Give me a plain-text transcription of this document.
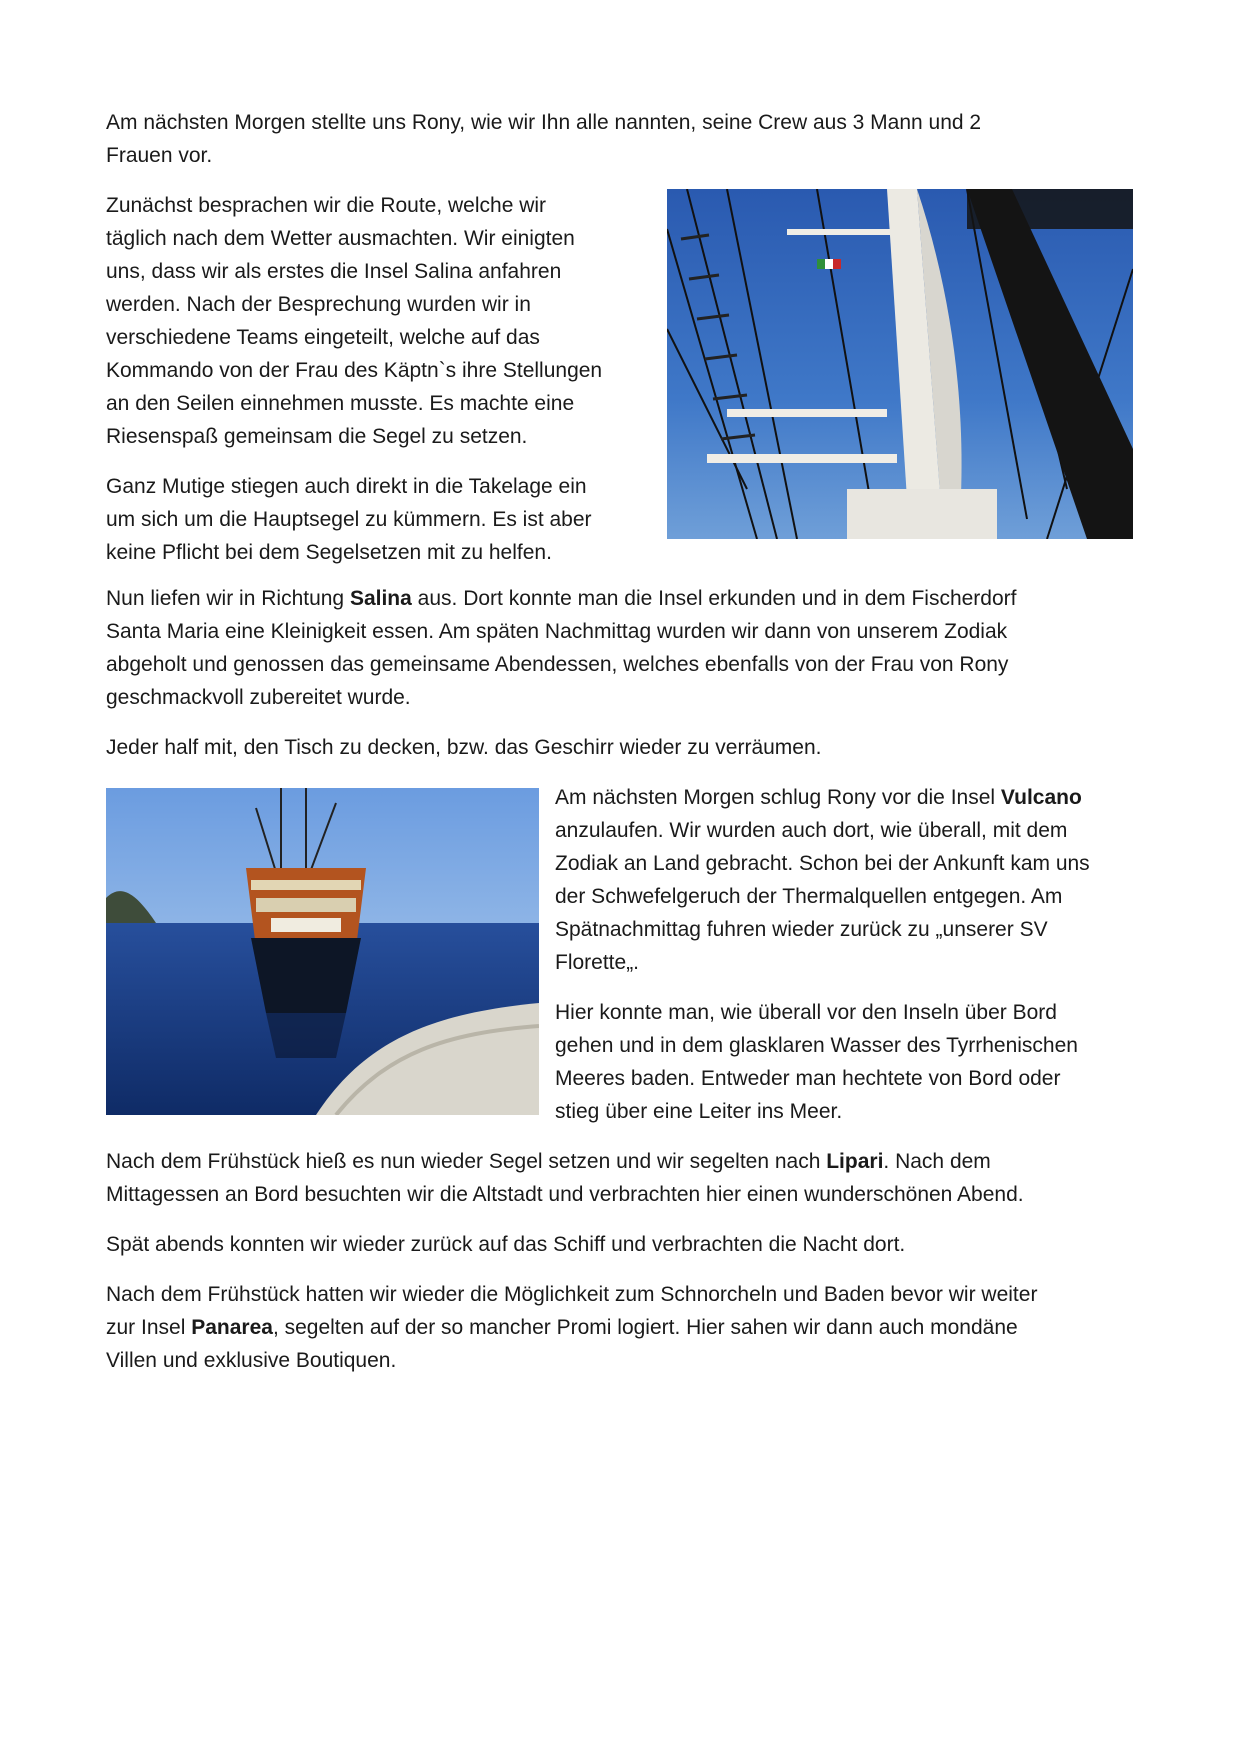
Am nächsten Morgen stellte uns Rony, wie wir Ihn alle nannten, seine Crew aus 3 Mann und 2
Frauen vor.
Zunächst besprachen wir die Route, welche wir
täglich nach dem Wetter ausmachten. Wir einigten
uns, dass wir als erstes die Insel Salina anfahren
werden. Nach der Besprechung wurden wir in
verschiedene Teams eingeteilt, welche auf das
Kommando von der Frau des Käptn`s ihre Stellungen
an den Seilen einnehmen musste. Es machte eine
Riesenspaß gemeinsam die Segel zu setzen.
Ganz Mutige stiegen auch direkt in die Takelage ein
um sich um die Hauptsegel zu kümmern. Es ist aber
keine Pflicht bei dem Segelsetzen mit zu helfen.
Nun liefen wir in Richtung Salina aus. Dort konnte man die Insel erkunden und in dem Fischerdorf
Santa Maria eine Kleinigkeit essen. Am späten Nachmittag wurden wir dann von unserem Zodiak
abgeholt und genossen das gemeinsame Abendessen, welches ebenfalls von der Frau von Rony
geschmackvoll zubereitet wurde.
Jeder half mit, den Tisch zu decken, bzw. das Geschirr wieder zu verräumen.
Am nächsten Morgen schlug Rony vor die Insel Vulcano
anzulaufen. Wir wurden auch dort, wie überall, mit dem
Zodiak an Land gebracht. Schon bei der Ankunft kam uns
der Schwefelgeruch der Thermalquellen entgegen. Am
Spätnachmittag fuhren wieder zurück zu „unserer SV
Florette„.
Hier konnte man, wie überall vor den Inseln über Bord
gehen und in dem glasklaren Wasser des Tyrrhenischen
Meeres baden. Entweder man hechtete von Bord oder
stieg über eine Leiter ins Meer.
Nach dem Frühstück hieß es nun wieder Segel setzen und wir segelten nach Lipari. Nach dem
Mittagessen an Bord besuchten wir die Altstadt und verbrachten hier einen wunderschönen Abend.
Spät abends konnten wir wieder zurück auf das Schiff und verbrachten die Nacht dort.
Nach dem Frühstück hatten wir wieder die Möglichkeit zum Schnorcheln und Baden bevor wir weiter
zur Insel Panarea, segelten auf der so mancher Promi logiert. Hier sahen wir dann auch mondäne
Villen und exklusive Boutiquen.
